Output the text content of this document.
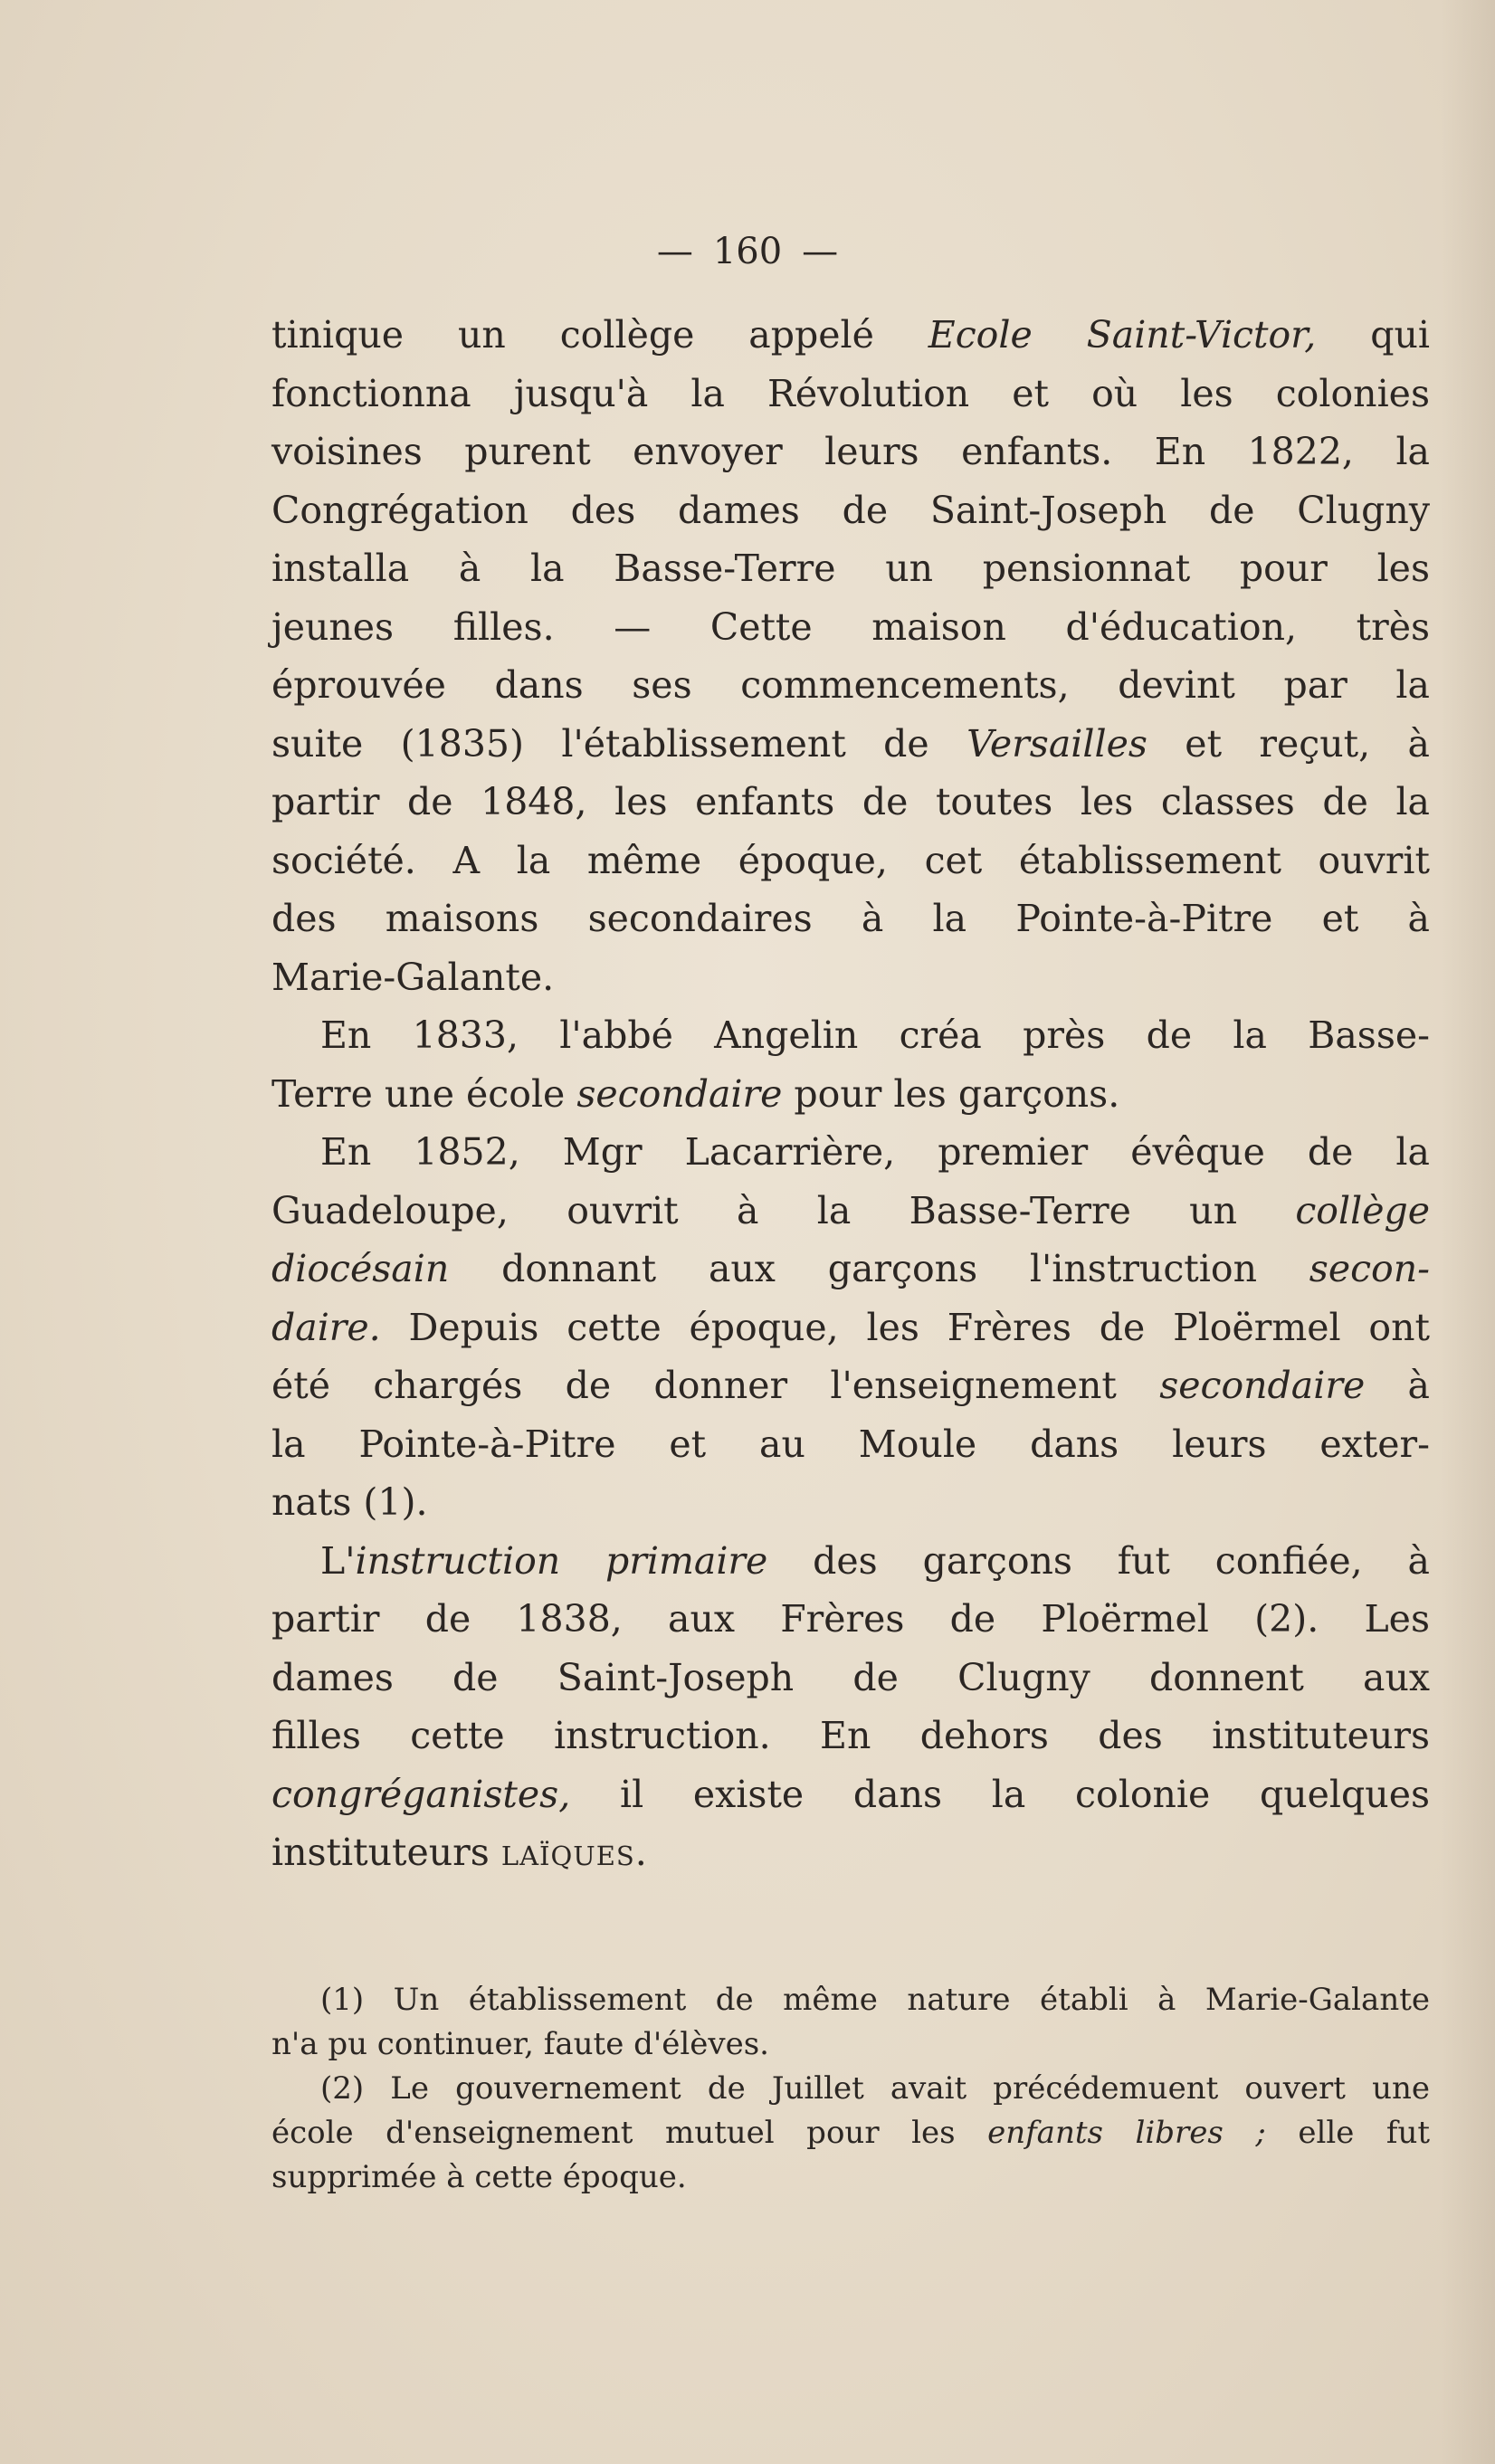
— 160 —
tinique un collège appelé Ecole Saint-Victor, qui
fonctionna jusqu'à la Révolution et où les colonies
voisines purent envoyer leurs enfants. En 1822, la
Congrégation des dames de Saint-Joseph de Clugny
installa à la Basse-Terre un pensionnat pour les
jeunes filles. — Cette maison d'éducation, très
éprouvée dans ses commencements, devint par la
suite (1835) l'établissement de Versailles et reçut, à
partir de 1848, les enfants de toutes les classes de la
société. A la même époque, cet établissement ouvrit
des maisons secondaires à la Pointe-à-Pitre et à
Marie-Galante.
En 1833, l'abbé Angelin créa près de la Basse-
Terre une école secondaire pour les garçons.
En 1852, Mgr Lacarrière, premier évêque de la
Guadeloupe, ouvrit à la Basse-Terre un collège
diocésain donnant aux garçons l'instruction secon-
daire. Depuis cette époque, les Frères de Ploërmel ont
été chargés de donner l'enseignement secondaire à
la Pointe-à-Pitre et au Moule dans leurs exter-
nats (1).
L'instruction primaire des garçons fut confiée, à
partir de 1838, aux Frères de Ploërmel (2). Les
dames de Saint-Joseph de Clugny donnent aux
filles cette instruction. En dehors des instituteurs
congréganistes, il existe dans la colonie quelques
instituteurs laïques.
(1) Un établissement de même nature établi à Marie-Galante
n'a pu continuer, faute d'élèves.
(2) Le gouvernement de Juillet avait précédemuent ouvert une
école d'enseignement mutuel pour les enfants libres ; elle fut
supprimée à cette époque.
